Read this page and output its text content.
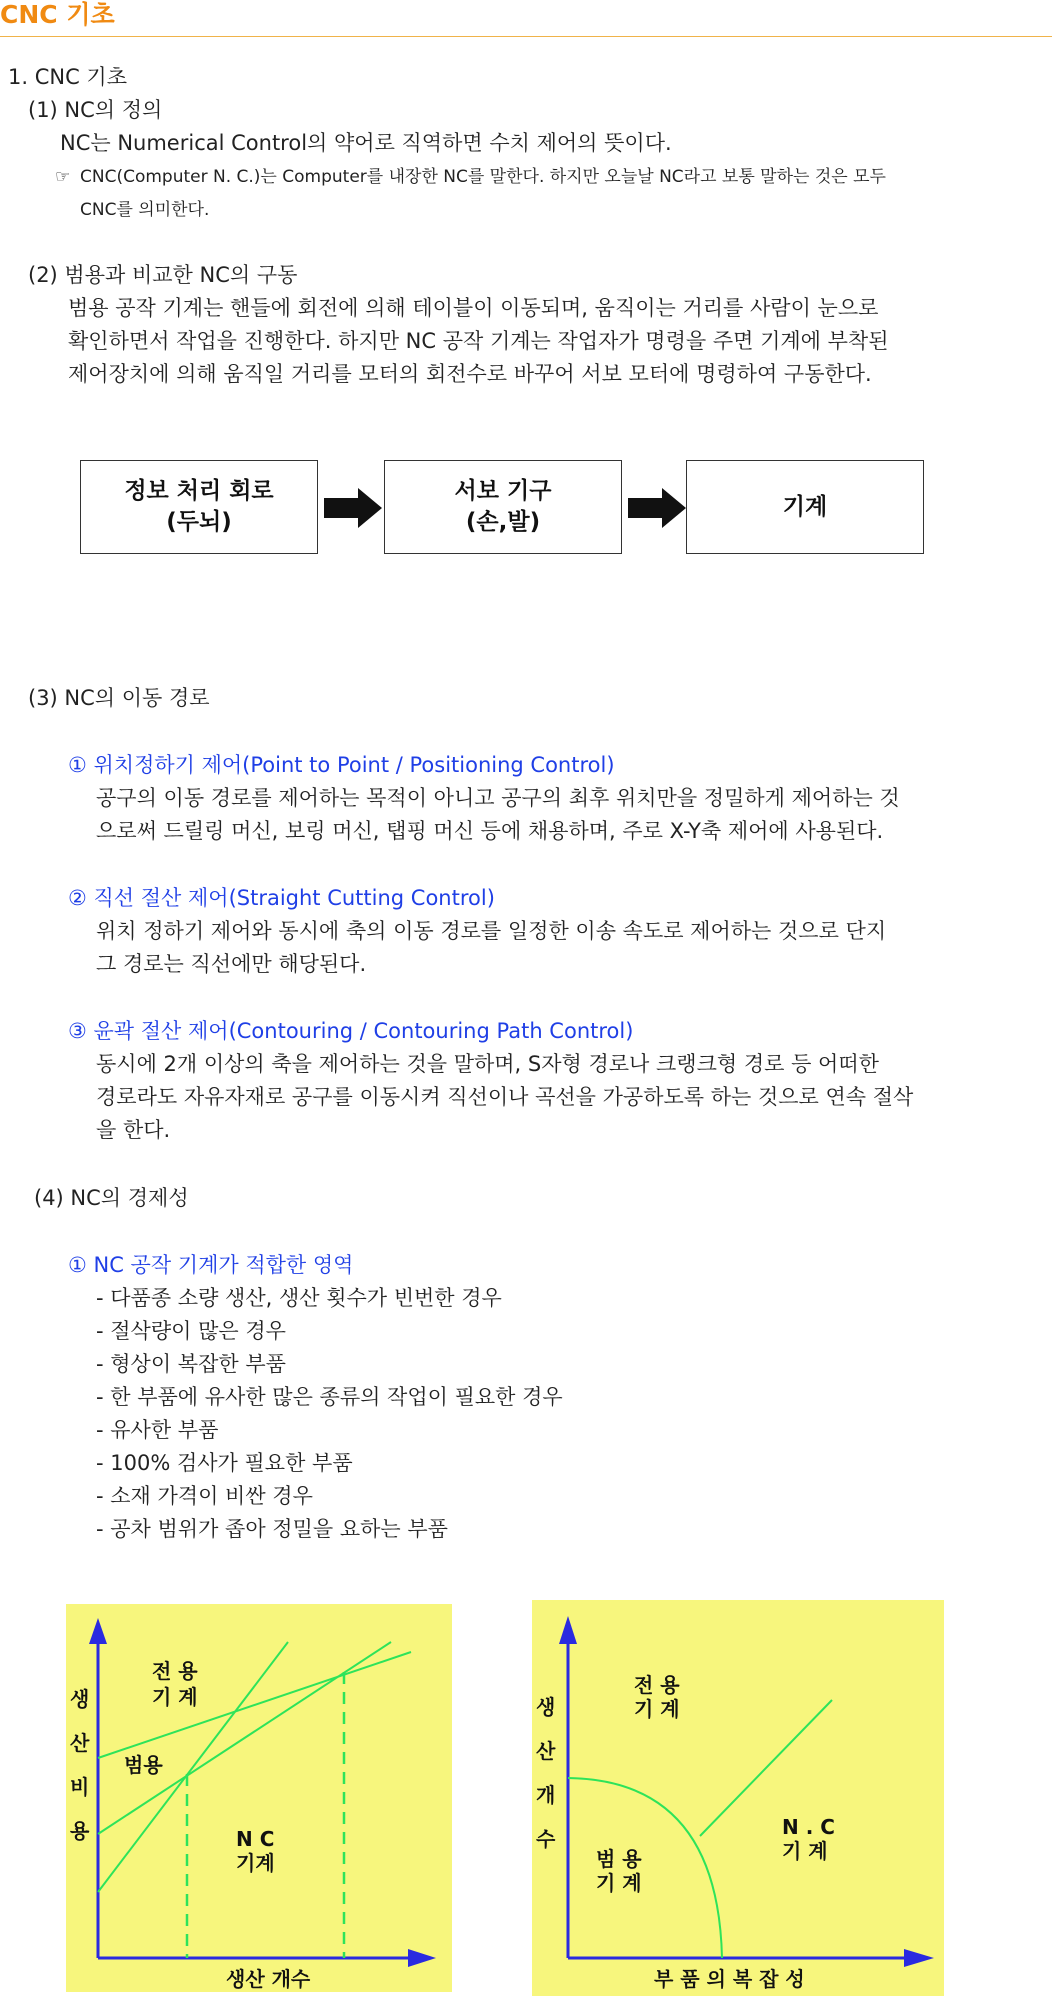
CNC 기초
1. CNC 기초
(1) NC의 정의
NC는 Numerical Control의 약어로 직역하면 수치 제어의 뜻이다.
☞ CNC(Computer N. C.)는 Computer를 내장한 NC를 말한다. 하지만 오늘날 NC라고 보통 말하는 것은 모두
CNC를 의미한다.
(2) 범용과 비교한 NC의 구동
범용 공작 기계는 핸들에 회전에 의해 테이블이 이동되며, 움직이는 거리를 사람이 눈으로
확인하면서 작업을 진행한다. 하지만 NC 공작 기계는 작업자가 명령을 주면 기계에 부착된
제어장치에 의해 움직일 거리를 모터의 회전수로 바꾸어 서보 모터에 명령하여 구동한다.
정보 처리 회로
(두뇌)
서보 기구
(손,발)
기계
(3) NC의 이동 경로
① 위치정하기 제어(Point to Point / Positioning Control)
공구의 이동 경로를 제어하는 목적이 아니고 공구의 최후 위치만을 정밀하게 제어하는 것
으로써 드릴링 머신, 보링 머신, 탭핑 머신 등에 채용하며, 주로 X-Y축 제어에 사용된다.
② 직선 절산 제어(Straight Cutting Control)
위치 정하기 제어와 동시에 축의 이동 경로를 일정한 이송 속도로 제어하는 것으로 단지
그 경로는 직선에만 해당된다.
③ 윤곽 절산 제어(Contouring / Contouring Path Control)
동시에 2개 이상의 축을 제어하는 것을 말하며, S자형 경로나 크랭크형 경로 등 어떠한
경로라도 자유자재로 공구를 이동시켜 직선이나 곡선을 가공하도록 하는 것으로 연속 절삭
을 한다.
(4) NC의 경제성
① NC 공작 기계가 적합한 영역
- 다품종 소량 생산, 생산 횟수가 빈번한 경우
- 절삭량이 많은 경우
- 형상이 복잡한 부품
- 한 부품에 유사한 많은 종류의 작업이 필요한 경우
- 유사한 부품
- 100% 검사가 필요한 부품
- 소재 가격이 비싼 경우
- 공차 범위가 좁아 정밀을 요하는 부품
생
산
비
용
전 용
기 계
범용
N C
기계
생산 개수
생
산
개
수
전 용
기 계
범 용
기 계
N . C
기 계
부 품 의 복 잡 성
